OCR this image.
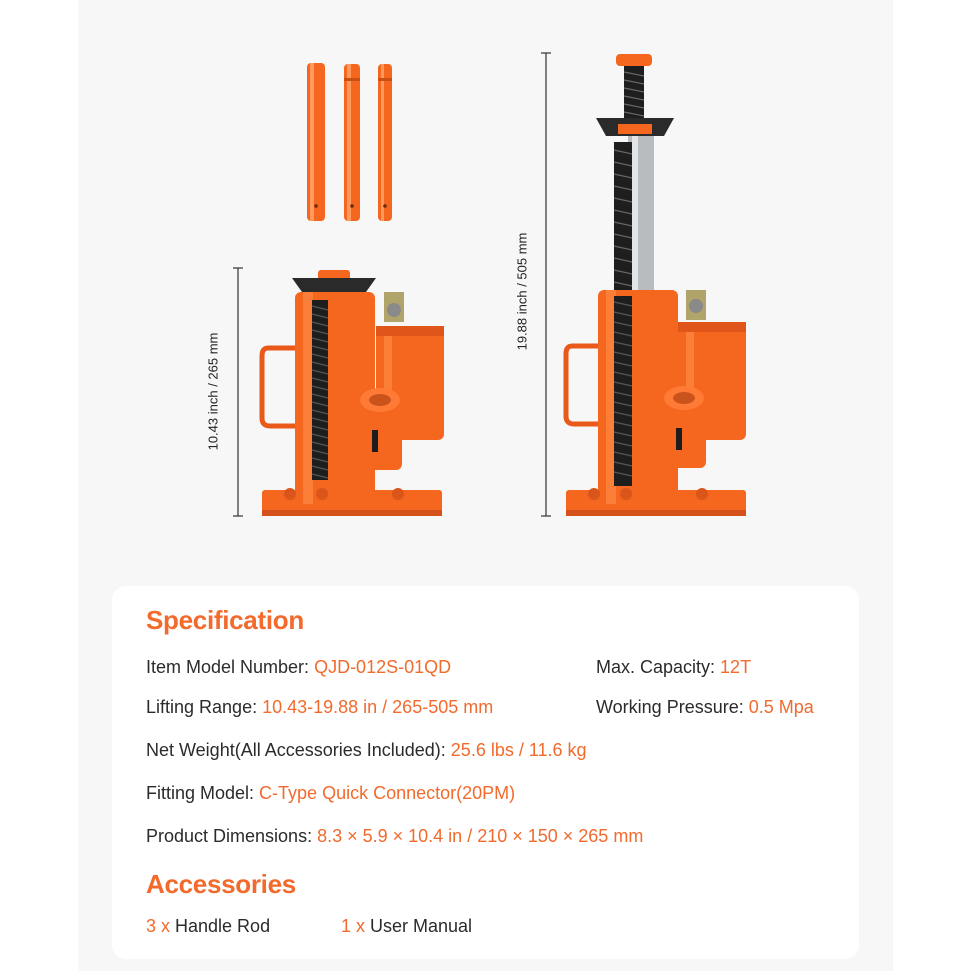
10.43 inch / 265 mm
19.88 inch / 505 mm
Specification
Item Model Number: QJD-012S-01QD	Max. Capacity: 12T
Lifting Range: 10.43-19.88 in / 265-505 mm	Working Pressure: 0.5 Mpa
Net Weight(All Accessories Included): 25.6 lbs / 11.6 kg
Fitting Model: C-Type Quick Connector(20PM)
Product Dimensions: 8.3 × 5.9 × 10.4 in / 210 × 150 × 265 mm
Accessories
3 x Handle Rod	1 x User Manual
